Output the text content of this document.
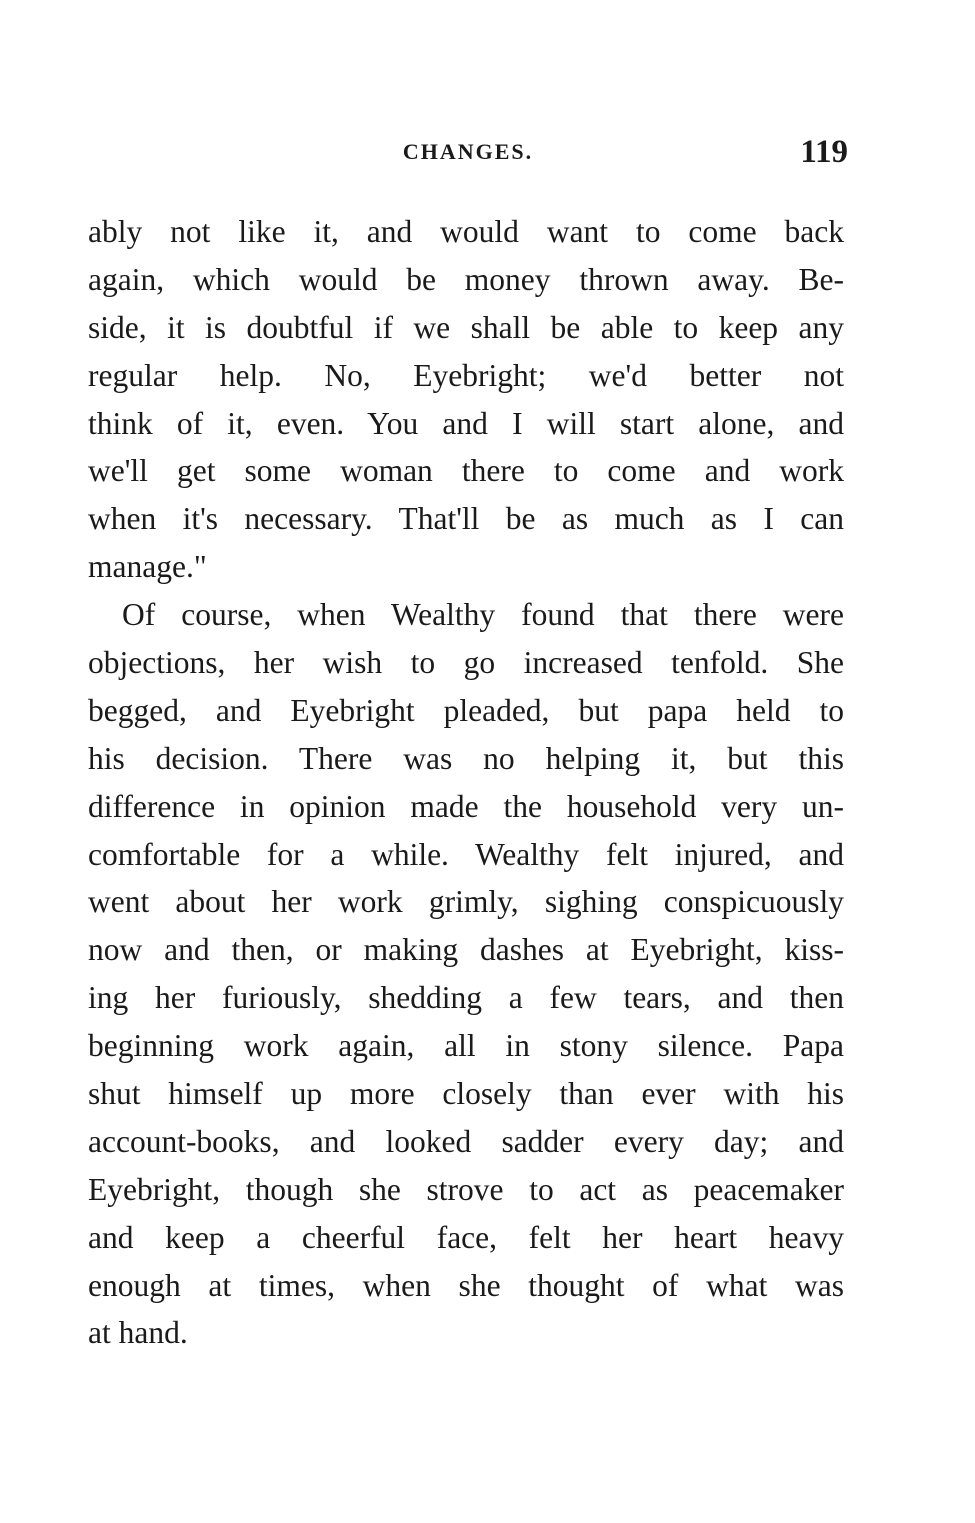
CHANGES.	119
ably not like it, and would want to come back
again, which would be money thrown away. Be-
side, it is doubtful if we shall be able to keep any
regular help. No, Eyebright; we'd better not
think of it, even. You and I will start alone, and
we'll get some woman there to come and work
when it's necessary. That'll be as much as I can
manage."
Of course, when Wealthy found that there were
objections, her wish to go increased tenfold. She
begged, and Eyebright pleaded, but papa held to
his decision. There was no helping it, but this
difference in opinion made the household very un-
comfortable for a while. Wealthy felt injured, and
went about her work grimly, sighing conspicuously
now and then, or making dashes at Eyebright, kiss-
ing her furiously, shedding a few tears, and then
beginning work again, all in stony silence. Papa
shut himself up more closely than ever with his
account-books, and looked sadder every day; and
Eyebright, though she strove to act as peacemaker
and keep a cheerful face, felt her heart heavy
enough at times, when she thought of what was
at hand.
